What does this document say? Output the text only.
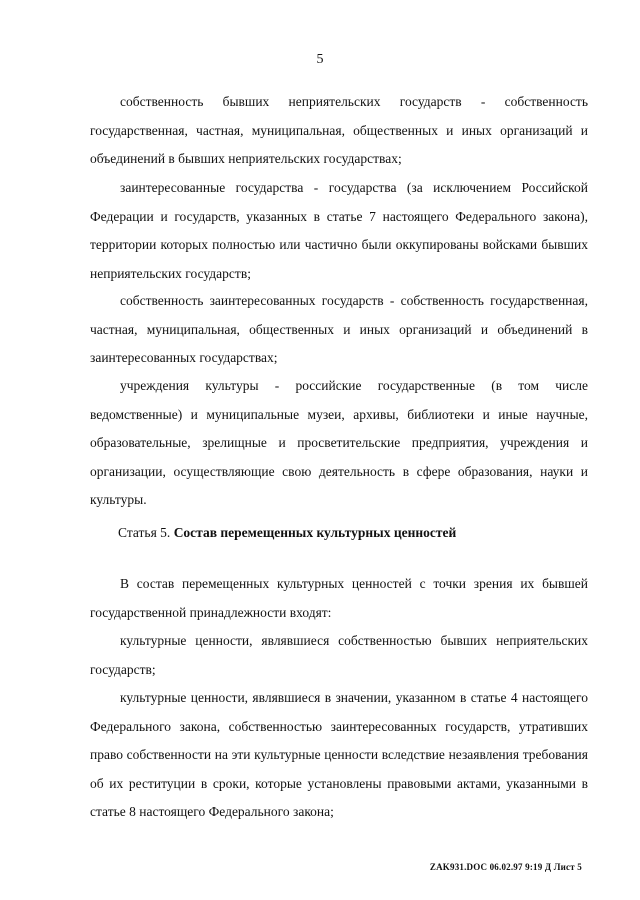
5

собственность бывших неприятельских государств - собственность государственная, частная, муниципальная, общественных и иных организаций и объединений в бывших неприятельских государствах;

заинтересованные государства - государства (за исключением Российской Федерации и государств, указанных в статье 7 настоящего Федерального закона), территории которых полностью или частично были оккупированы войсками бывших неприятельских государств;

собственность заинтересованных государств - собственность государственная, частная, муниципальная, общественных и иных организаций и объединений в заинтересованных государствах;

учреждения культуры - российские государственные (в том числе ведомственные) и муниципальные музеи, архивы, библиотеки и иные научные, образовательные, зрелищные и просветительские предприятия, учреждения и организации, осуществляющие свою деятельность в сфере образования, науки и культуры.

Статья 5. Состав перемещенных культурных ценностей

В состав перемещенных культурных ценностей с точки зрения их бывшей государственной принадлежности входят:

культурные ценности, являвшиеся собственностью бывших неприятельских государств;

культурные ценности, являвшиеся в значении, указанном в статье 4 настоящего Федерального закона, собственностью заинтересованных государств, утративших право собственности на эти культурные ценности вследствие незаявления требования об их реституции в сроки, которые установлены правовыми актами, указанными в статье 8 настоящего Федерального закона;

ZAK931.DOC 06.02.97 9:19 Д Лист 5
